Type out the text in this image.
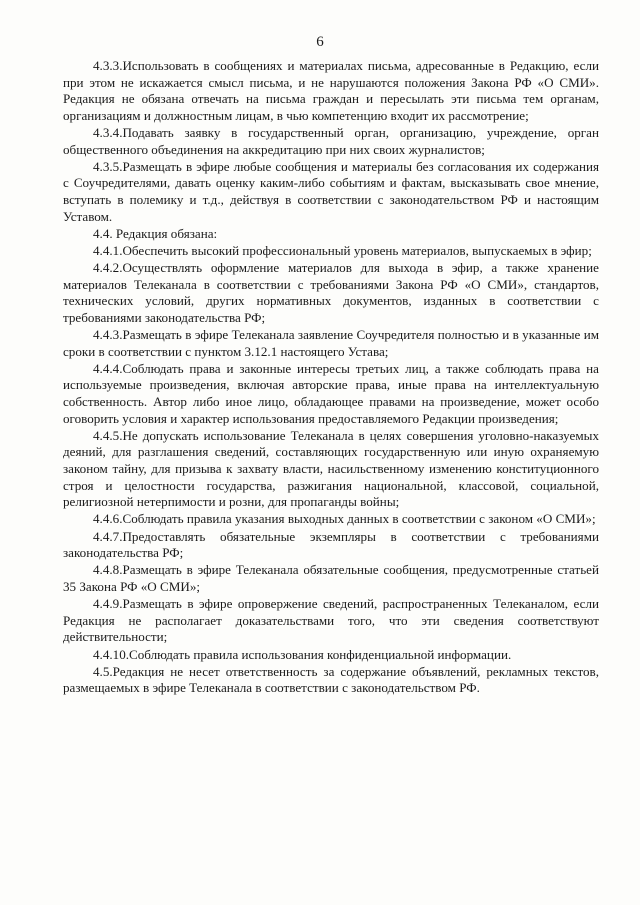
6

4.3.3.Использовать в сообщениях и материалах письма, адресованные в Редакцию, если при этом не искажается смысл письма, и не нарушаются положения Закона РФ «О СМИ». Редакция не обязана отвечать на письма граждан и пересылать эти письма тем органам, организациям и должностным лицам, в чью компетенцию входит их рассмотрение;

4.3.4.Подавать заявку в государственный орган, организацию, учреждение, орган общественного объединения на аккредитацию при них своих журналистов;

4.3.5.Размещать в эфире любые сообщения и материалы без согласования их содержания с Соучредителями, давать оценку каким-либо событиям и фактам, высказывать свое мнение, вступать в полемику и т.д., действуя в соответствии с законодательством РФ и настоящим Уставом.

4.4. Редакция обязана:

4.4.1.Обеспечить высокий профессиональный уровень материалов, выпускаемых в эфир;

4.4.2.Осуществлять оформление материалов для выхода в эфир, а также хранение материалов Телеканала в соответствии с требованиями Закона РФ «О СМИ», стандартов, технических условий, других нормативных документов, изданных в соответствии с требованиями законодательства РФ;

4.4.3.Размещать в эфире Телеканала заявление Соучредителя полностью и в указанные им сроки в соответствии с пунктом 3.12.1 настоящего Устава;

4.4.4.Соблюдать права и законные интересы третьих лиц, а также соблюдать права на используемые произведения, включая авторские права, иные права на интеллектуальную собственность. Автор либо иное лицо, обладающее правами на произведение, может особо оговорить условия и характер использования предоставляемого Редакции произведения;

4.4.5.Не допускать использование Телеканала в целях совершения уголовно-наказуемых деяний, для разглашения сведений, составляющих государственную или иную охраняемую законом тайну, для призыва к захвату власти, насильственному изменению конституционного строя и целостности государства, разжигания национальной, классовой, социальной, религиозной нетерпимости и розни, для пропаганды войны;

4.4.6.Соблюдать правила указания выходных данных в соответствии с законом «О СМИ»;

4.4.7.Предоставлять обязательные экземпляры в соответствии с требованиями законодательства РФ;

4.4.8.Размещать в эфире Телеканала обязательные сообщения, предусмотренные статьей 35 Закона РФ «О СМИ»;

4.4.9.Размещать в эфире опровержение сведений, распространенных Телеканалом, если Редакция не располагает доказательствами того, что эти сведения соответствуют действительности;

4.4.10.Соблюдать правила использования конфиденциальной информации.

4.5.Редакция не несет ответственность за содержание объявлений, рекламных текстов, размещаемых в эфире Телеканала в соответствии с законодательством РФ.
